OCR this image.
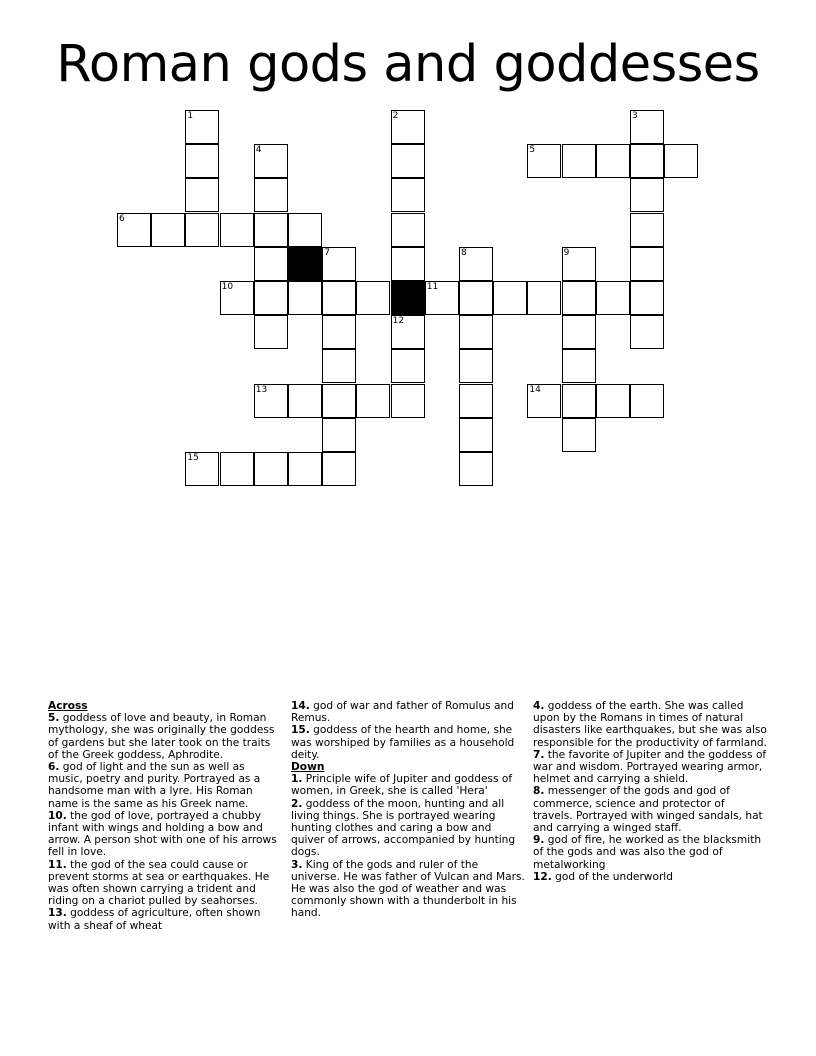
Roman gods and goddesses
1	2	3
4	5
6
7	8	9
10	11
12
13	14
15
Across

5. goddess of love and beauty, in Roman mythology, she was originally the goddess of gardens but she later took on the traits of the Greek goddess, Aphrodite.

6. god of light and the sun as well as music, poetry and purity. Portrayed as a handsome man with a lyre. His Roman name is the same as his Greek name.

10. the god of love, portrayed a chubby infant with wings and holding a bow and arrow. A person shot with one of his arrows fell in love.

11. the god of the sea could cause or prevent storms at sea or earthquakes. He was often shown carrying a trident and riding on a chariot pulled by seahorses.

13. goddess of agriculture, often shown with a sheaf of wheat

14. god of war and father of Romulus and Remus.

15. goddess of the hearth and home, she was worshiped by families as a household deity.

Down

1. Principle wife of Jupiter and goddess of women, in Greek, she is called 'Hera'

2. goddess of the moon, hunting and all living things. She is portrayed wearing hunting clothes and caring a bow and quiver of arrows, accompanied by hunting dogs.

3. King of the gods and ruler of the universe. He was father of Vulcan and Mars. He was also the god of weather and was commonly shown with a thunderbolt in his hand.

4. goddess of the earth. She was called upon by the Romans in times of natural disasters like earthquakes, but she was also responsible for the productivity of farmland.

7. the favorite of Jupiter and the goddess of war and wisdom. Portrayed wearing armor, helmet and carrying a shield.

8. messenger of the gods and god of commerce, science and protector of travels. Portrayed with winged sandals, hat and carrying a winged staff.

9. god of fire, he worked as the blacksmith of the gods and was also the god of metalworking

12. god of the underworld
